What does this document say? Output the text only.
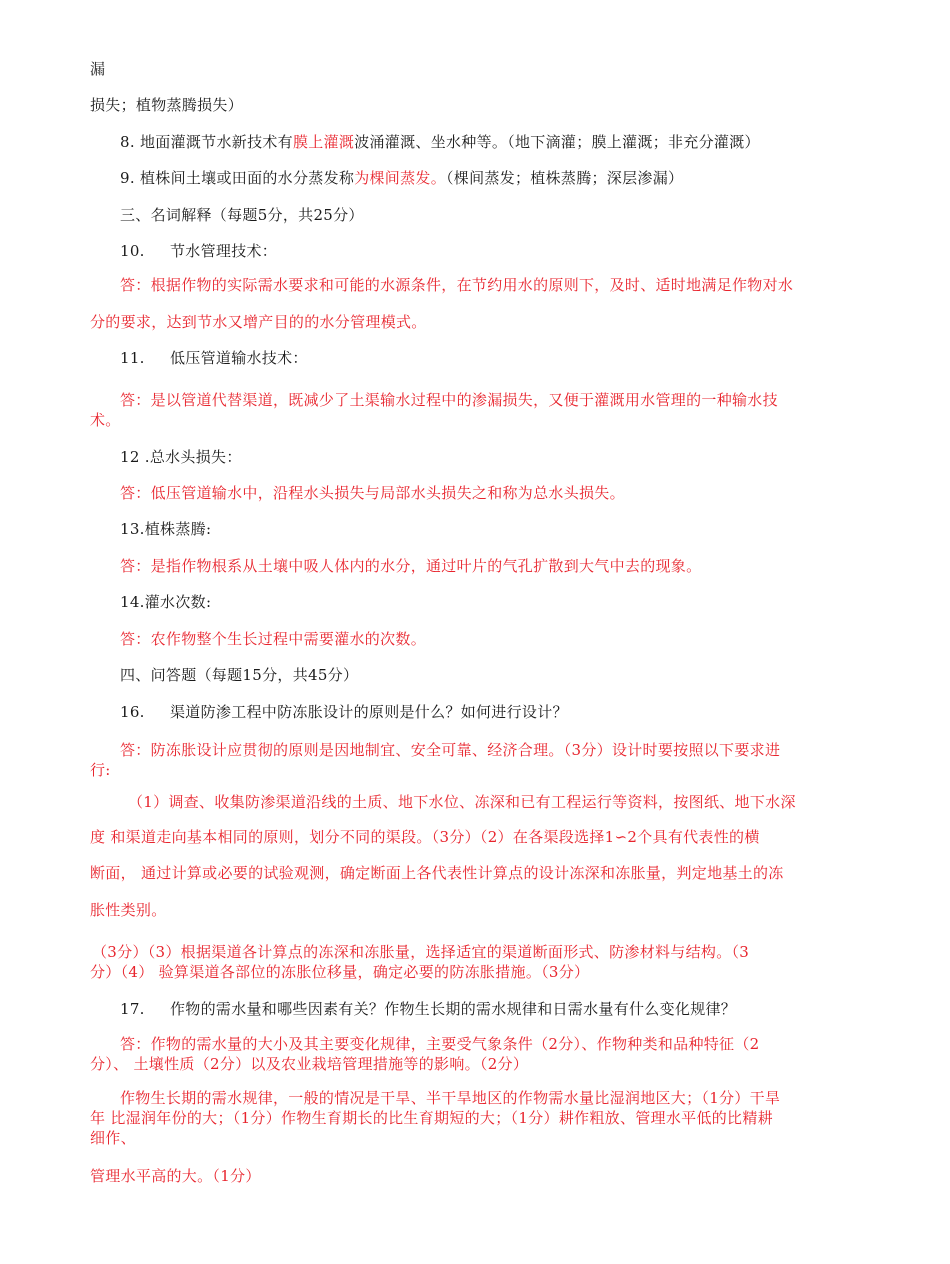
漏
损失；植物蒸腾损失）
8. 地面灌溉节水新技术有膜上灌溉波涌灌溉、坐水种等。（地下滴灌；膜上灌溉；非充分灌溉）
9. 植株间土壤或田面的水分蒸发称为棵间蒸发。（棵间蒸发；植株蒸腾；深层渗漏）
三、名词解释（每题5分，共25分）
10. 节水管理技术：
答：根据作物的实际需水要求和可能的水源条件，在节约用水的原则下，及时、适时地满足作物对水
分的要求，达到节水又增产目的的水分管理模式。
11. 低压管道输水技术：
答：是以管道代替渠道，既减少了土渠输水过程中的渗漏损失，又便于灌溉用水管理的一种输水技
术。
12 .总水头损失：
答：低压管道输水中，沿程水头损失与局部水头损失之和称为总水头损失。
13.植株蒸腾:
答：是指作物根系从土壤中吸人体内的水分，通过叶片的气孔扩散到大气中去的现象。
14.灌水次数:
答：农作物整个生长过程中需要灌水的次数。
四、问答题（每题15分，共45分）
16. 渠道防渗工程中防冻胀设计的原则是什么？如何进行设计？
答：防冻胀设计应贯彻的原则是因地制宜、安全可靠、经济合理。（3分）设计时要按照以下要求进
行:
（1）调查、收集防渗渠道沿线的土质、地下水位、冻深和已有工程运行等资料，按图纸、地下水深
度 和渠道走向基本相同的原则，划分不同的渠段。（3分）（2）在各渠段选择1∽2个具有代表性的横
断面， 通过计算或必要的试验观测，确定断面上各代表性计算点的设计冻深和冻胀量，判定地基土的冻
胀性类别。
（3分）（3）根据渠道各计算点的冻深和冻胀量，选择适宜的渠道断面形式、防渗材料与结构。（3
分）（4） 验算渠道各部位的冻胀位移量，确定必要的防冻胀措施。（3分）
17. 作物的需水量和哪些因素有关？作物生长期的需水规律和日需水量有什么变化规律？
答：作物的需水量的大小及其主要变化规律，主要受气象条件（2分）、作物种类和品种特征（2
分）、 土壤性质（2分）以及农业栽培管理措施等的影响。（2分）
作物生长期的需水规律，一般的情况是干旱、半干旱地区的作物需水量比湿润地区大；（1分）干旱
年 比湿润年份的大；（1分）作物生育期长的比生育期短的大；（1分）耕作粗放、管理水平低的比精耕
细作、
管理水平高的大。（1分）
